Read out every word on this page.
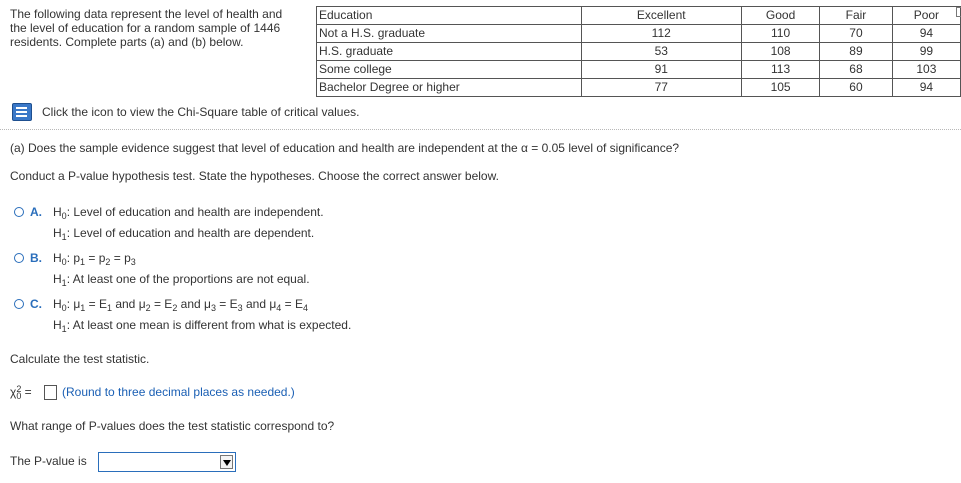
The following data represent the level of health and
the level of education for a random sample of 1446
residents. Complete parts (a) and (b) below.
Education	Excellent	Good	Fair	Poor
Not a H.S. graduate	112	110	70	94
H.S. graduate	53	108	89	99
Some college	91	113	68	103
Bachelor Degree or higher	77	105	60	94
Click the icon to view the Chi-Square table of critical values.
(a) Does the sample evidence suggest that level of education and health are independent at the α = 0.05 level of significance?
Conduct a P-value hypothesis test. State the hypotheses. Choose the correct answer below.
A. $H_0$: Level of education and health are independent.
$H_1$: Level of education and health are dependent.
B. $H_0$: $p_1 = p_2 = p_3$
$H_1$: At least one of the proportions are not equal.
C. $H_0$: $\mu_1 = E_1$ and $\mu_2 = E_2$ and $\mu_3 = E_3$ and $\mu_4 = E_4$
$H_1$: At least one mean is different from what is expected.
Calculate the test statistic.
$\chi^2_0$ =	(Round to three decimal places as needed.)
What range of P-values does the test statistic correspond to?
The P-value is
